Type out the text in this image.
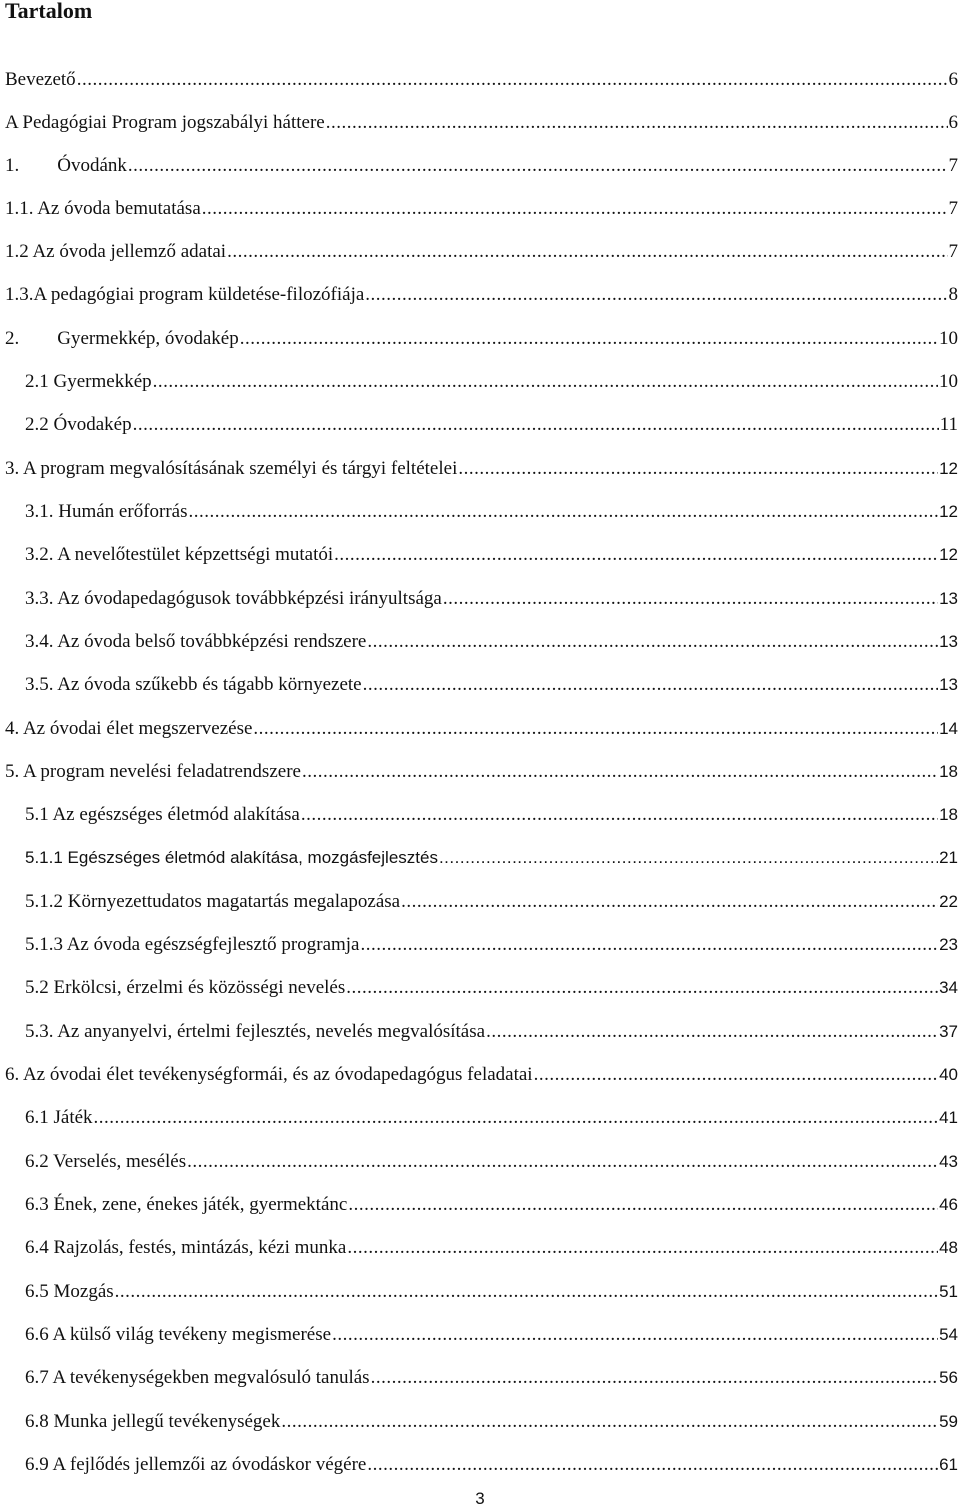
Tartalom
Bevezető .....	6
A Pedagógiai Program jogszabályi háttere .....	6
1.        Óvodánk .....	7
1.1. Az óvoda bemutatása .....	7
1.2 Az óvoda jellemző adatai .....	7
1.3.A pedagógiai program küldetése-filozófiája .....	8
2.        Gyermekkép, óvodakép .....	10
2.1 Gyermekkép .....	10
2.2 Óvodakép .....	11
3. A program megvalósításának személyi és tárgyi feltételei .....	12
3.1. Humán erőforrás .....	12
3.2. A nevelőtestület képzettségi mutatói .....	12
3.3. Az óvodapedagógusok továbbképzési irányultsága .....	13
3.4. Az óvoda belső továbbképzési rendszere .....	13
3.5. Az óvoda szűkebb és tágabb környezete .....	13
4. Az óvodai élet megszervezése .....	14
5. A program nevelési feladatrendszere .....	18
5.1 Az egészséges életmód alakítása .....	18
5.1.1 Egészséges életmód alakítása, mozgásfejlesztés .....	21
5.1.2 Környezettudatos magatartás megalapozása .....	22
5.1.3 Az óvoda egészségfejlesztő programja .....	23
5.2 Erkölcsi, érzelmi és közösségi nevelés .....	34
5.3. Az anyanyelvi, értelmi fejlesztés, nevelés megvalósítása .....	37
6. Az óvodai élet tevékenységformái, és az óvodapedagógus feladatai .....	40
6.1 Játék .....	41
6.2 Verselés, mesélés .....	43
6.3 Ének, zene, énekes játék, gyermektánc .....	46
6.4 Rajzolás, festés, mintázás, kézi munka .....	48
6.5 Mozgás .....	51
6.6 A külső világ tevékeny megismerése .....	54
6.7 A tevékenységekben megvalósuló tanulás .....	56
6.8 Munka jellegű tevékenységek .....	59
6.9 A fejlődés jellemzői az óvodáskor végére .....	61
3
